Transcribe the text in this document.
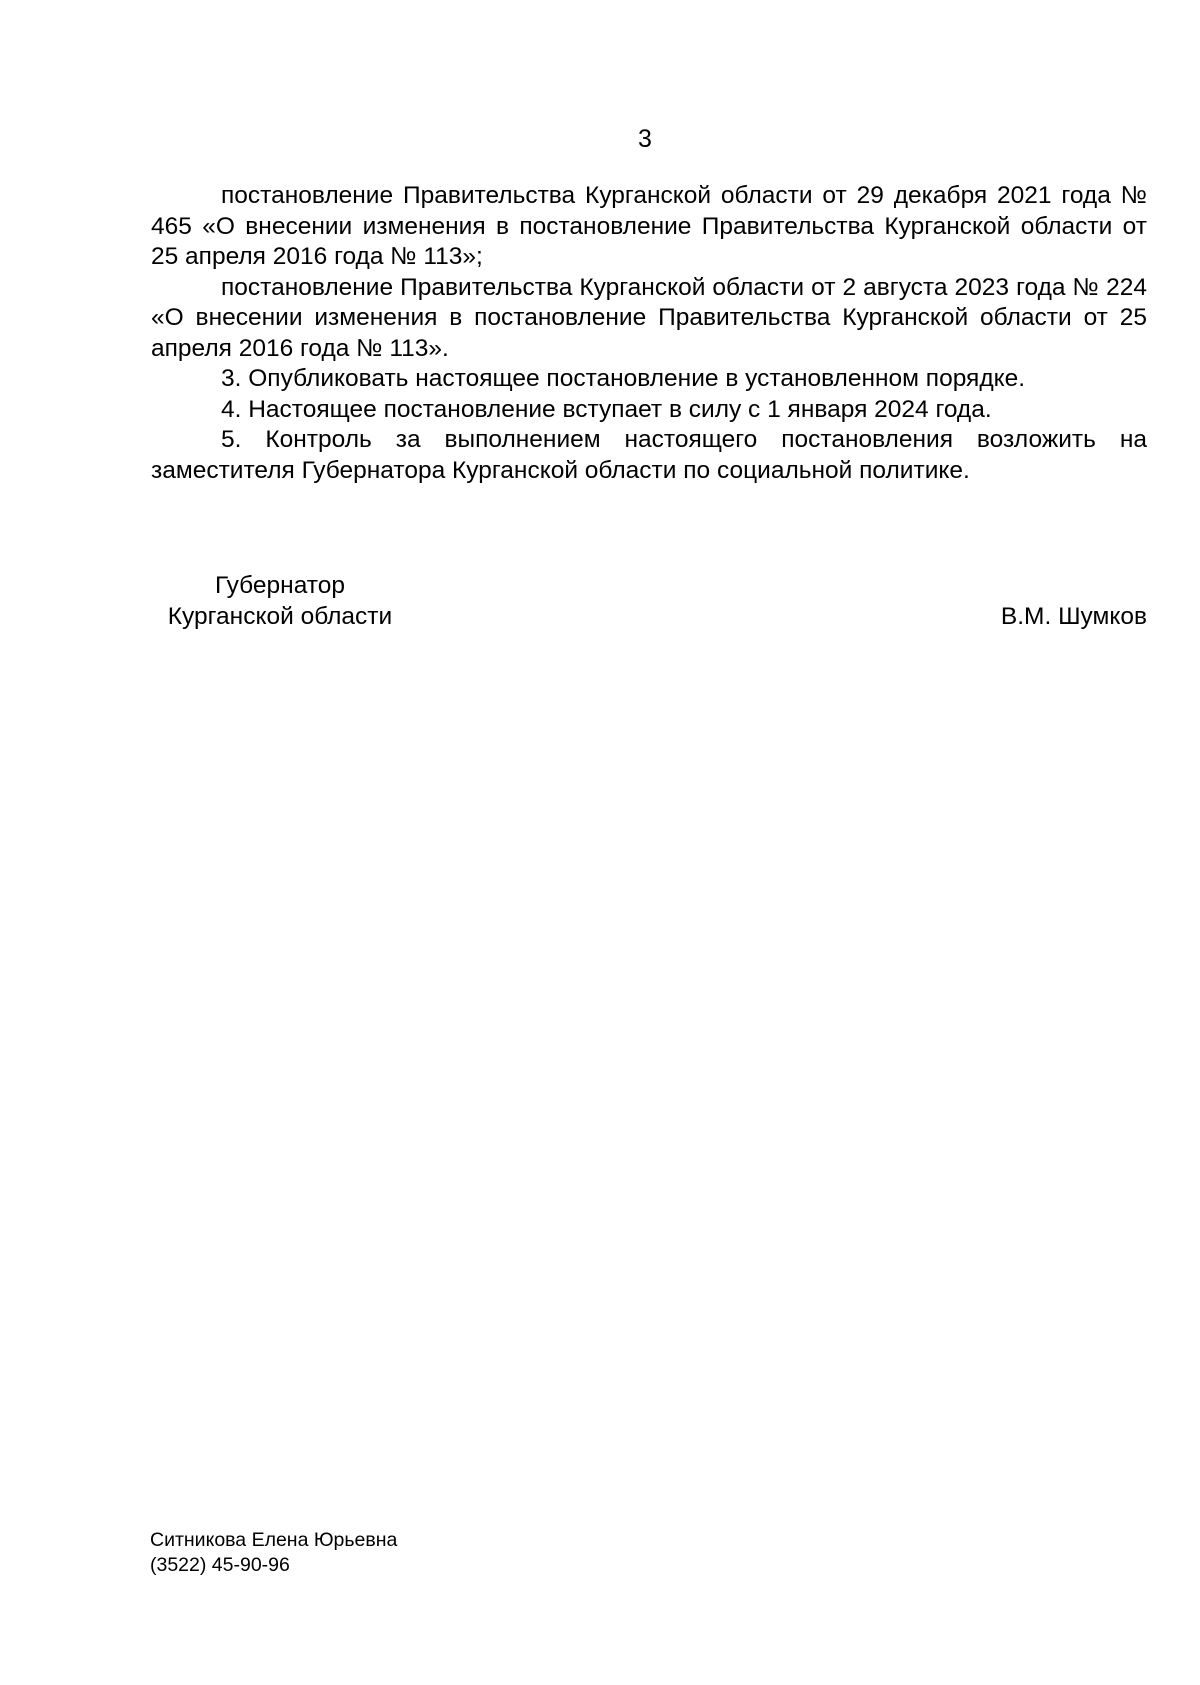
3

постановление Правительства Курганской области от 29 декабря 2021 года № 465 «О внесении изменения в постановление Правительства Курганской области от 25 апреля 2016 года № 113»;

постановление Правительства Курганской области от 2 августа 2023 года № 224 «О внесении изменения в постановление Правительства Курганской области от 25 апреля 2016 года № 113».

3. Опубликовать настоящее постановление в установленном порядке.

4. Настоящее постановление вступает в силу с 1 января 2024 года.

5. Контроль за выполнением настоящего постановления возложить на заместителя Губернатора Курганской области по социальной политике.

Губернатор
Курганской области	В.М. Шумков
Ситникова Елена Юрьевна
(3522) 45-90-96
